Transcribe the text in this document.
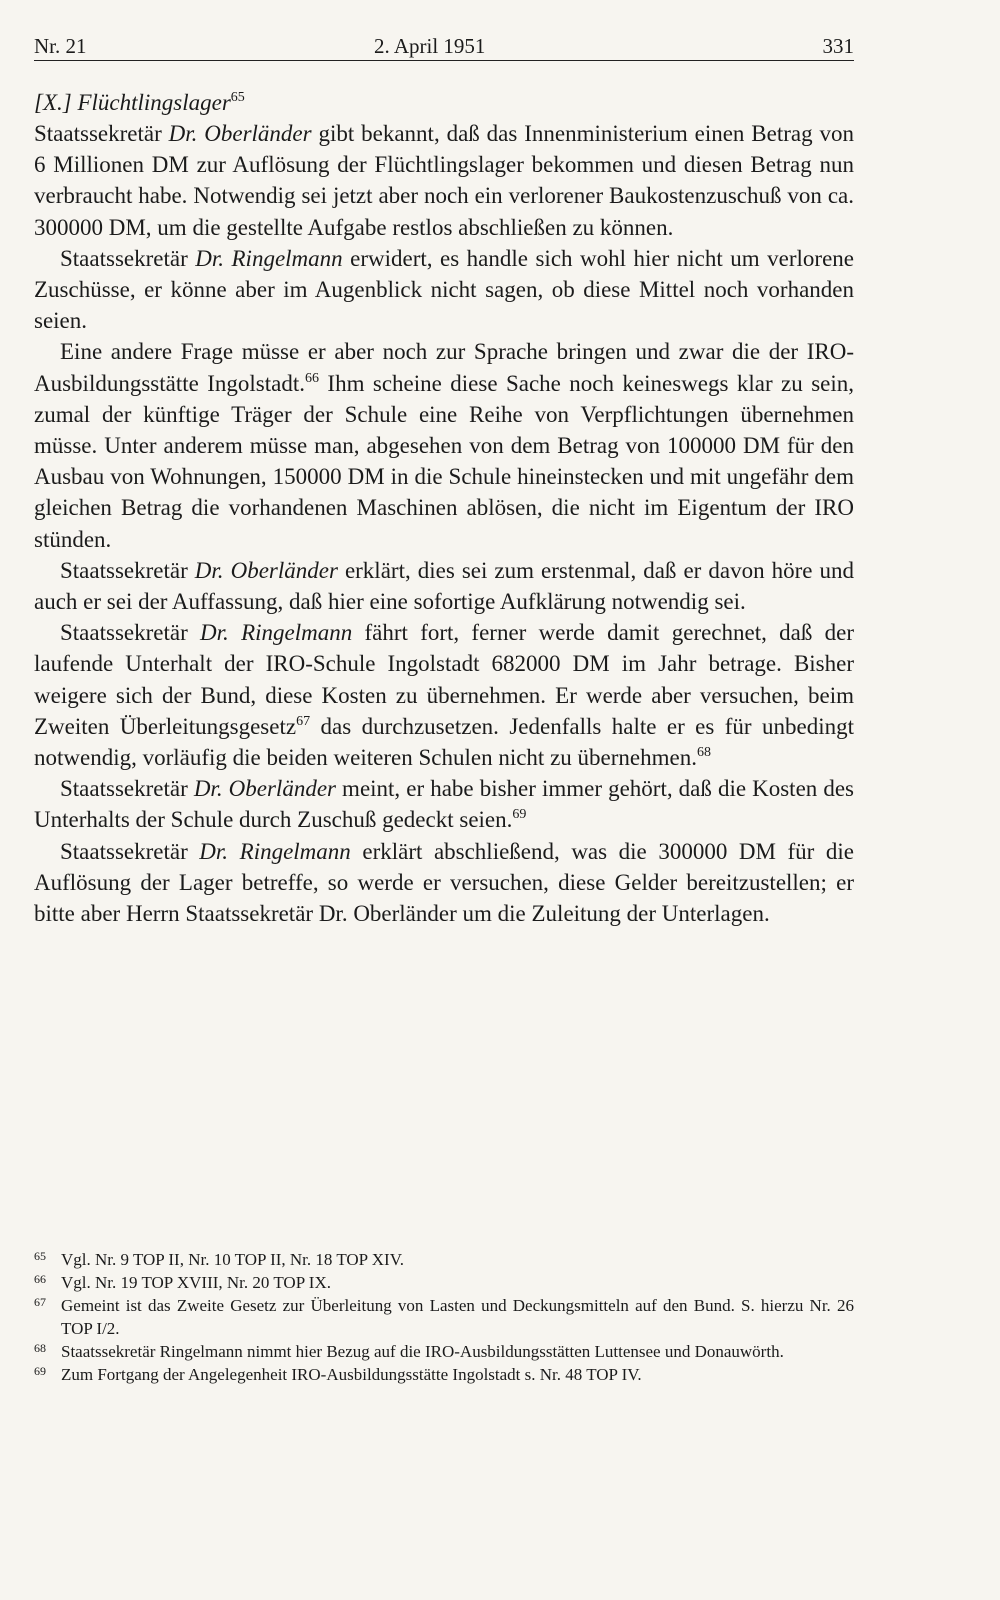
Nr. 21	2. April 1951	331
[X.] Flüchtlingslager$^{65}$

Staatssekretär Dr. Oberländer gibt bekannt, daß das Innenministerium einen Betrag von 6 Millionen DM zur Auflösung der Flüchtlingslager bekommen und diesen Betrag nun verbraucht habe. Notwendig sei jetzt aber noch ein verlorener Baukostenzuschuß von ca. 300000 DM, um die gestellte Aufgabe restlos abschließen zu können.

Staatssekretär Dr. Ringelmann erwidert, es handle sich wohl hier nicht um verlorene Zuschüsse, er könne aber im Augenblick nicht sagen, ob diese Mittel noch vorhanden seien.

Eine andere Frage müsse er aber noch zur Sprache bringen und zwar die der IRO-Ausbildungsstätte Ingolstadt.$^{66}$ Ihm scheine diese Sache noch keineswegs klar zu sein, zumal der künftige Träger der Schule eine Reihe von Verpflichtungen übernehmen müsse. Unter anderem müsse man, abgesehen von dem Betrag von 100000 DM für den Ausbau von Wohnungen, 150000 DM in die Schule hineinstecken und mit ungefähr dem gleichen Betrag die vorhandenen Maschinen ablösen, die nicht im Eigentum der IRO stünden.

Staatssekretär Dr. Oberländer erklärt, dies sei zum erstenmal, daß er davon höre und auch er sei der Auffassung, daß hier eine sofortige Aufklärung notwendig sei.

Staatssekretär Dr. Ringelmann fährt fort, ferner werde damit gerechnet, daß der laufende Unterhalt der IRO-Schule Ingolstadt 682000 DM im Jahr betrage. Bisher weigere sich der Bund, diese Kosten zu übernehmen. Er werde aber versuchen, beim Zweiten Überleitungsgesetz$^{67}$ das durchzusetzen. Jedenfalls halte er es für unbedingt notwendig, vorläufig die beiden weiteren Schulen nicht zu übernehmen.$^{68}$

Staatssekretär Dr. Oberländer meint, er habe bisher immer gehört, daß die Kosten des Unterhalts der Schule durch Zuschuß gedeckt seien.$^{69}$

Staatssekretär Dr. Ringelmann erklärt abschließend, was die 300000 DM für die Auflösung der Lager betreffe, so werde er versuchen, diese Gelder bereitzustellen; er bitte aber Herrn Staatssekretär Dr. Oberländer um die Zuleitung der Unterlagen.

65 Vgl. Nr. 9 TOP II, Nr. 10 TOP II, Nr. 18 TOP XIV.
66 Vgl. Nr. 19 TOP XVIII, Nr. 20 TOP IX.
67 Gemeint ist das Zweite Gesetz zur Überleitung von Lasten und Deckungsmitteln auf den Bund. S. hierzu Nr. 26 TOP I/2.
68 Staatssekretär Ringelmann nimmt hier Bezug auf die IRO-Ausbildungsstätten Luttensee und Donauwörth.
69 Zum Fortgang der Angelegenheit IRO-Ausbildungsstätte Ingolstadt s. Nr. 48 TOP IV.
